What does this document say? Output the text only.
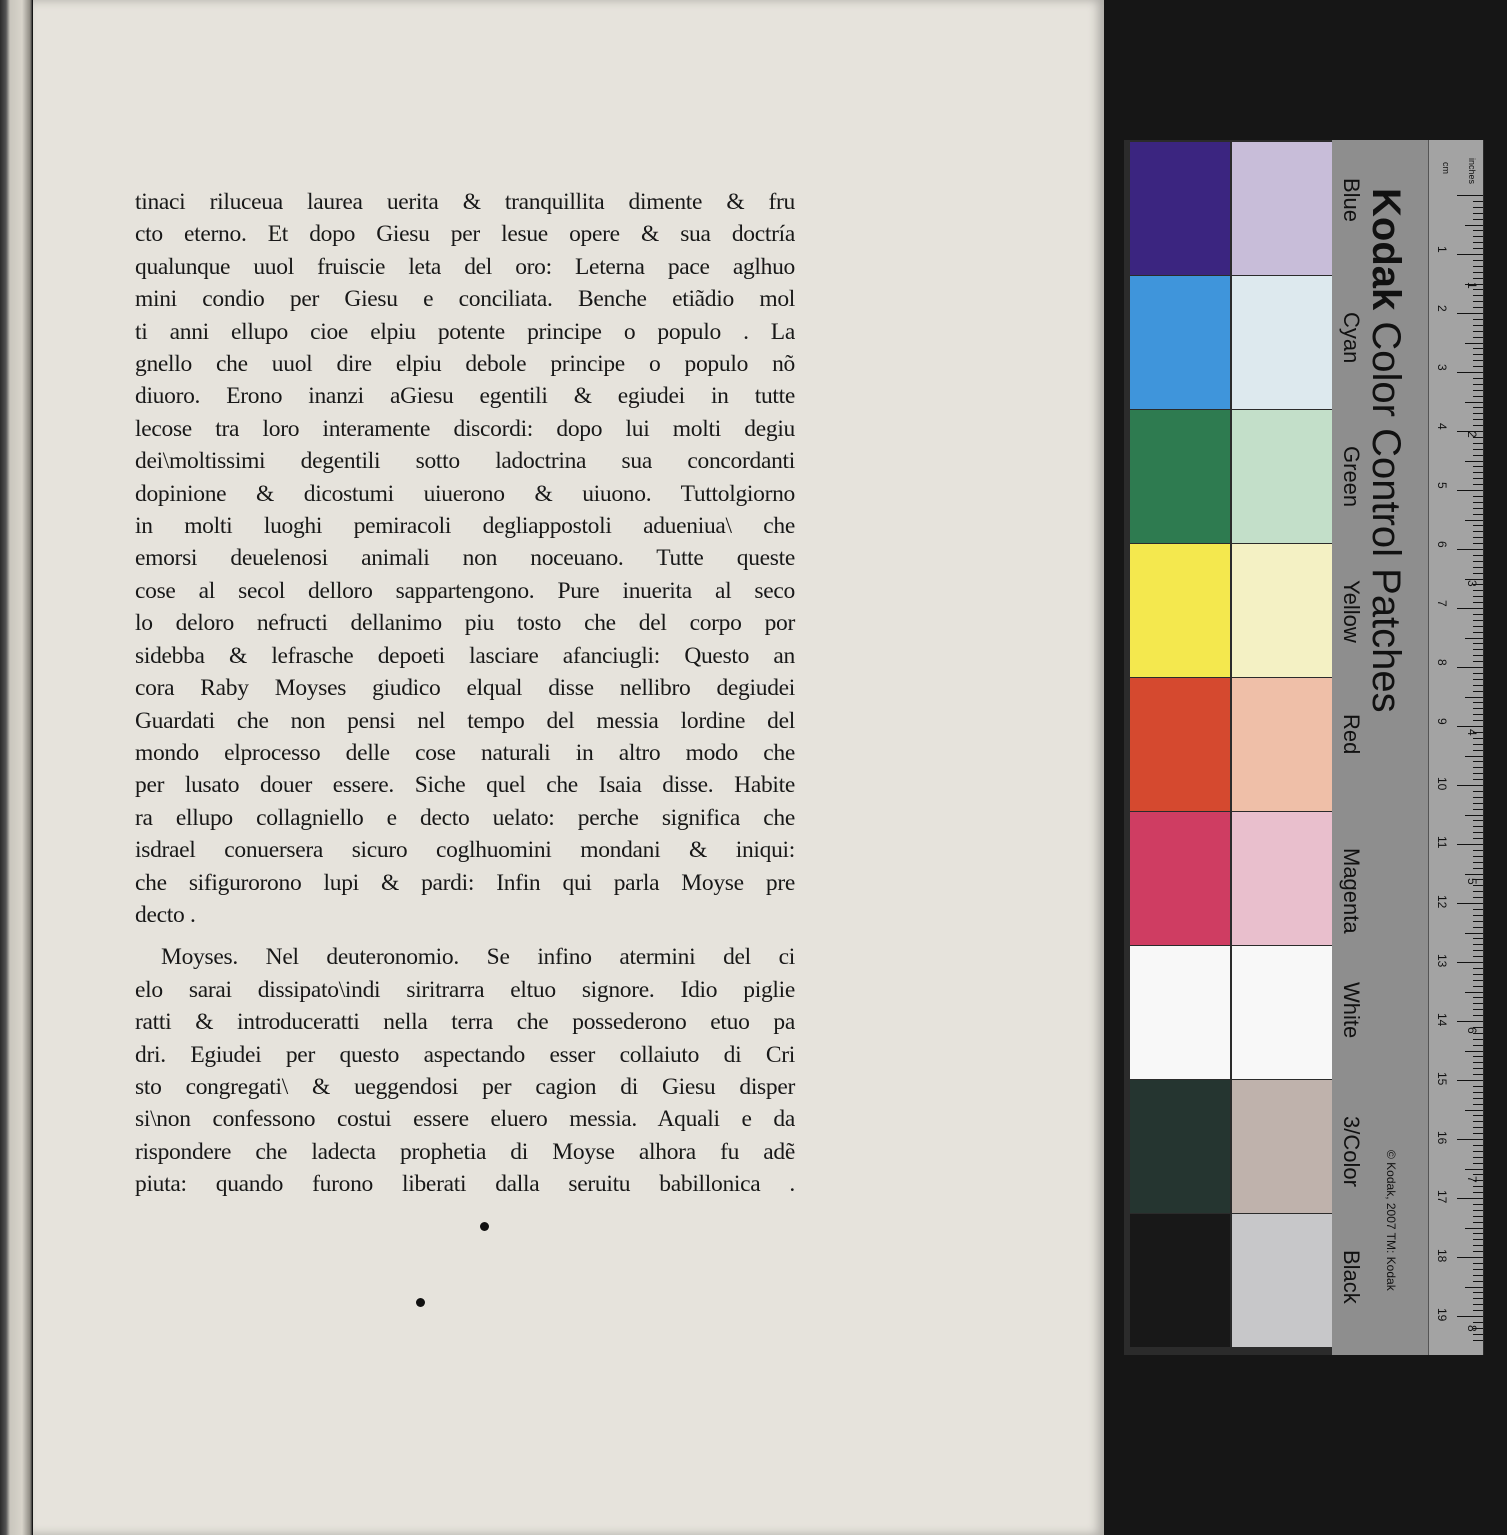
tinaci riluceua laurea uerita & tranquillita dimente & fru
cto eterno. Et dopo Giesu per lesue opere & sua doctría
qualunque uuol fruiscie leta del oro: Leterna pace aglhuo
mini condio per Giesu e conciliata. Benche etiãdio mol
ti anni ellupo cioe elpiu potente principe o populo . La
gnello che uuol dire elpiu debole principe o populo nõ
diuoro. Erono inanzi aGiesu egentili & egiudei in tutte
lecose tra loro interamente discordi: dopo lui molti degiu
dei\moltissimi degentili sotto ladoctrina sua concordanti
dopinione & dicostumi uiuerono & uiuono. Tuttolgiorno
in molti luoghi pemiracoli degliappostoli adueniua\ che
emorsi deuelenosi animali non noceuano. Tutte queste
cose al secol delloro sappartengono. Pure inuerita al seco
lo deloro nefructi dellanimo piu tosto che del corpo por
sidebba & lefrasche depoeti lasciare afanciugli: Questo an
cora Raby Moyses giudico elqual disse nellibro degiudei
Guardati che non pensi nel tempo del messia lordine del
mondo elprocesso delle cose naturali in altro modo che
per lusato douer essere. Siche quel che Isaia disse. Habite
ra ellupo collagniello e decto uelato: perche significa che
isdrael conuersera sicuro coglhuomini mondani & iniqui:
che sifigurorono lupi & pardi: Infin qui parla Moyse pre
decto .
Moyses. Nel deuteronomio. Se infino atermini del ci
elo sarai dissipato\indi siritrarra eltuo signore. Idio piglie
ratti & introduceratti nella terra che possederono etuo pa
dri. Egiudei per questo aspectando esser collaiuto di Cri
sto congregati\ & ueggendosi per cagion di Giesu disper
si\non confessono costui essere eluero messia. Aquali e da
rispondere che ladecta prophetia di Moyse alhora fu adẽ
piuta: quando furono liberati dalla seruitu babillonica .
Kodak Color Control Patches
Blue
Cyan
Green
Yellow
Red
Magenta
White
3/Color
Black © Kodak, 2007 TM: Kodak
cm inches
1
2
3
4
5
6
7
8
9
10
11
12
13
14
15
16
17
18
19
1
2
3
4
5
6
7
8
